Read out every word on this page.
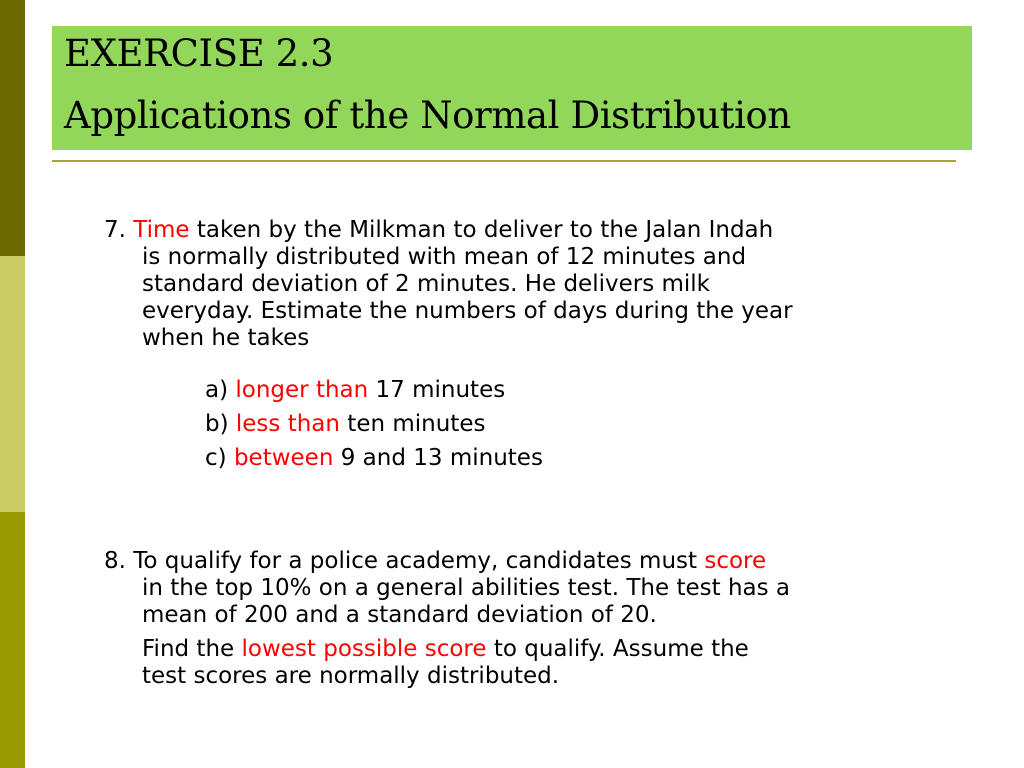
EXERCISE 2.3
Applications of the Normal Distribution
7. Time taken by the Milkman to deliver to the Jalan Indah
is normally distributed with mean of 12 minutes and
standard deviation of 2 minutes. He delivers milk
everyday. Estimate the numbers of days during the year
when he takes
a) longer than 17 minutes
b) less than ten minutes
c) between 9 and 13 minutes
8. To qualify for a police academy, candidates must score
in the top 10% on a general abilities test. The test has a
mean of 200 and a standard deviation of 20.
Find the lowest possible score to qualify. Assume the
test scores are normally distributed.
